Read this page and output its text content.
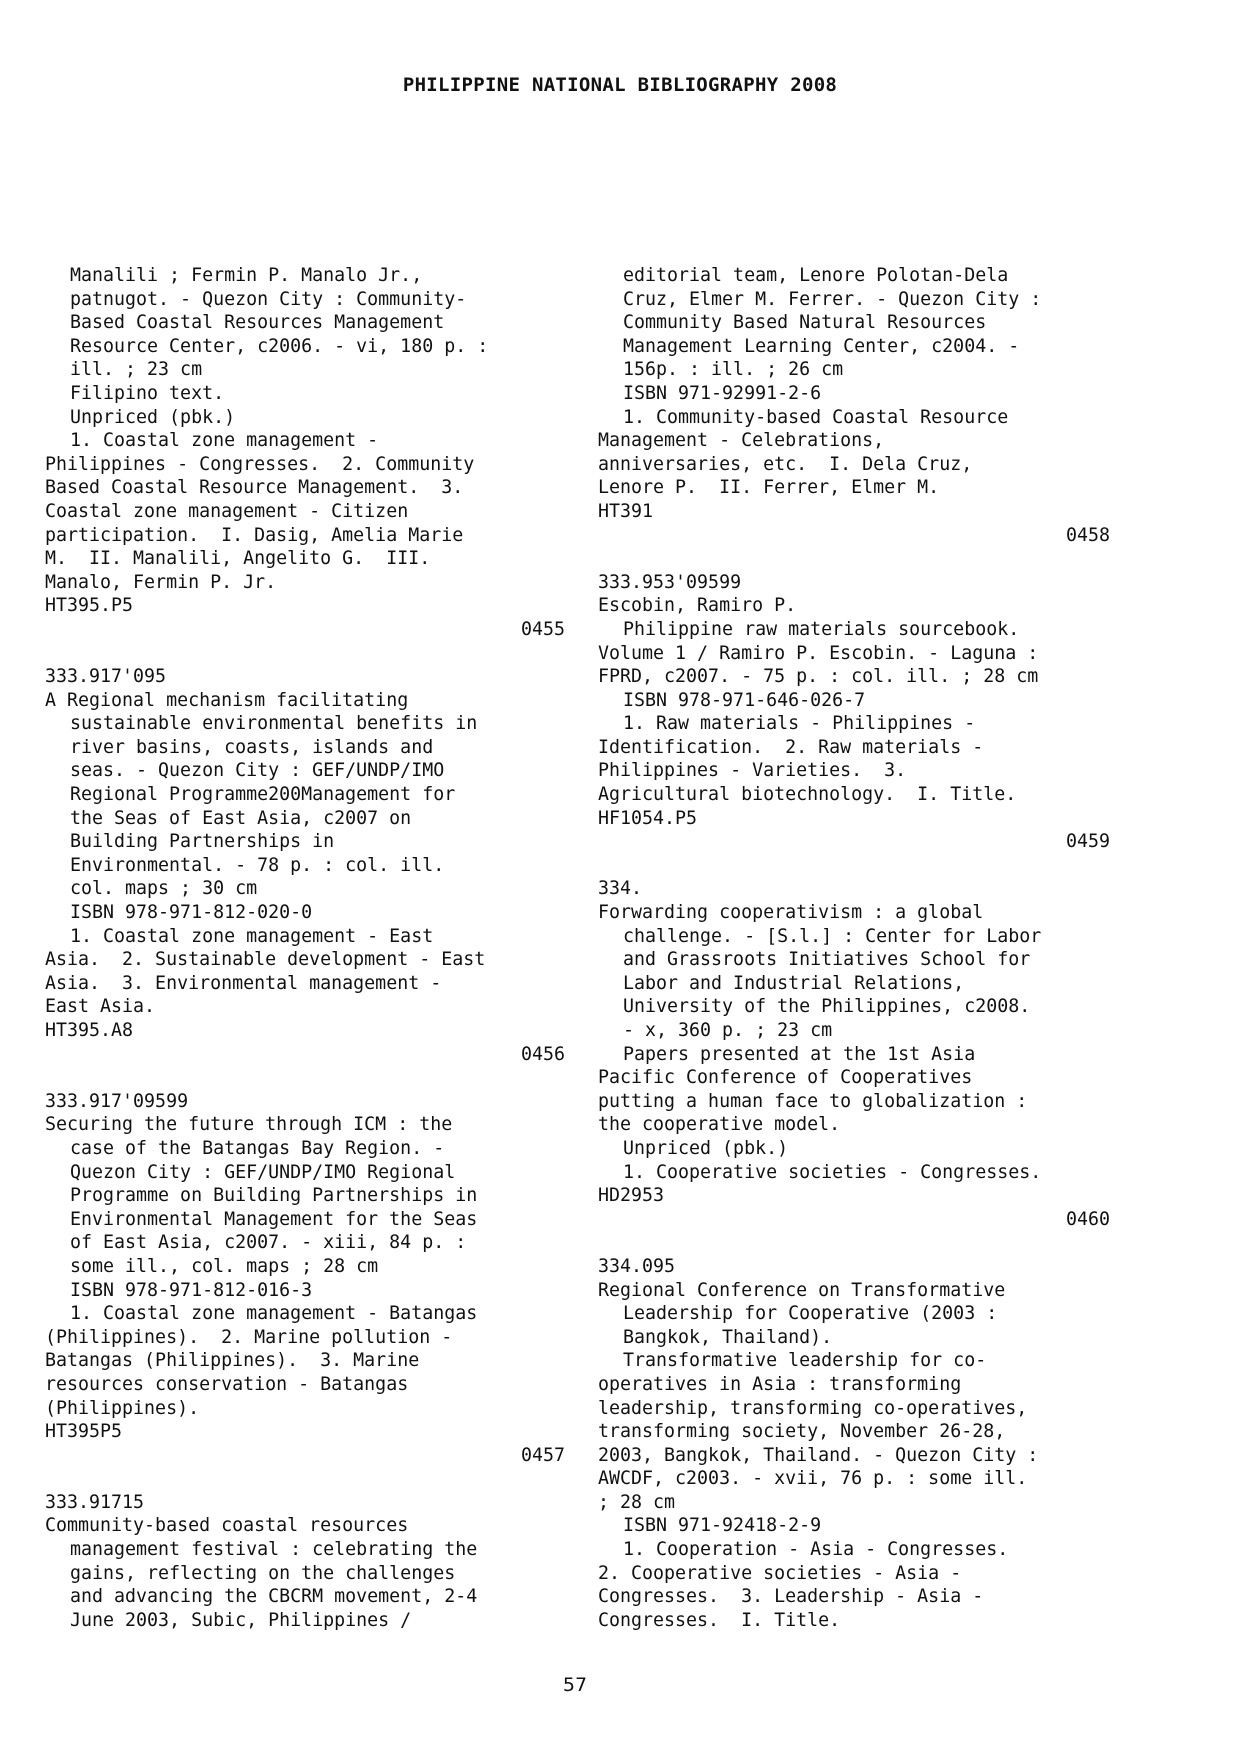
PHILIPPINE NATIONAL BIBLIOGRAPHY 2008
Manalili ; Fermin P. Manalo Jr.,
patnugot. - Quezon City : Community-
Based Coastal Resources Management
Resource Center, c2006. - vi, 180 p. :
ill. ; 23 cm
Filipino text.
Unpriced (pbk.)
1. Coastal zone management -
Philippines - Congresses.  2. Community
Based Coastal Resource Management.  3.
Coastal zone management - Citizen
participation.  I. Dasig, Amelia Marie
M.  II. Manalili, Angelito G.  III.
Manalo, Fermin P. Jr.
HT395.P5
0455
333.917'095
A Regional mechanism facilitating
sustainable environmental benefits in
river basins, coasts, islands and
seas. - Quezon City : GEF/UNDP/IMO
Regional Programme200Management for
the Seas of East Asia, c2007 on
Building Partnerships in
Environmental. - 78 p. : col. ill.
col. maps ; 30 cm
ISBN 978-971-812-020-0
1. Coastal zone management - East
Asia.  2. Sustainable development - East
Asia.  3. Environmental management -
East Asia.
HT395.A8
0456
333.917'09599
Securing the future through ICM : the
case of the Batangas Bay Region. -
Quezon City : GEF/UNDP/IMO Regional
Programme on Building Partnerships in
Environmental Management for the Seas
of East Asia, c2007. - xiii, 84 p. :
some ill., col. maps ; 28 cm
ISBN 978-971-812-016-3
1. Coastal zone management - Batangas
(Philippines).  2. Marine pollution -
Batangas (Philippines).  3. Marine
resources conservation - Batangas
(Philippines).
HT395P5
0457
333.91715
Community-based coastal resources
management festival : celebrating the
gains, reflecting on the challenges
and advancing the CBCRM movement, 2-4
June 2003, Subic, Philippines /
editorial team, Lenore Polotan-Dela
Cruz, Elmer M. Ferrer. - Quezon City :
Community Based Natural Resources
Management Learning Center, c2004. -
156p. : ill. ; 26 cm
ISBN 971-92991-2-6
1. Community-based Coastal Resource
Management - Celebrations,
anniversaries, etc.  I. Dela Cruz,
Lenore P.  II. Ferrer, Elmer M.
HT391
0458
333.953'09599
Escobin, Ramiro P.
Philippine raw materials sourcebook.
Volume 1 / Ramiro P. Escobin. - Laguna :
FPRD, c2007. - 75 p. : col. ill. ; 28 cm
ISBN 978-971-646-026-7
1. Raw materials - Philippines -
Identification.  2. Raw materials -
Philippines - Varieties.  3.
Agricultural biotechnology.  I. Title.
HF1054.P5
0459
334.
Forwarding cooperativism : a global
challenge. - [S.l.] : Center for Labor
and Grassroots Initiatives School for
Labor and Industrial Relations,
University of the Philippines, c2008.
- x, 360 p. ; 23 cm
Papers presented at the 1st Asia
Pacific Conference of Cooperatives
putting a human face to globalization :
the cooperative model.
Unpriced (pbk.)
1. Cooperative societies - Congresses.
HD2953
0460
334.095
Regional Conference on Transformative
Leadership for Cooperative (2003 :
Bangkok, Thailand).
Transformative leadership for co-
operatives in Asia : transforming
leadership, transforming co-operatives,
transforming society, November 26-28,
2003, Bangkok, Thailand. - Quezon City :
AWCDF, c2003. - xvii, 76 p. : some ill.
; 28 cm
ISBN 971-92418-2-9
1. Cooperation - Asia - Congresses.
2. Cooperative societies - Asia -
Congresses.  3. Leadership - Asia -
Congresses.  I. Title.
57
